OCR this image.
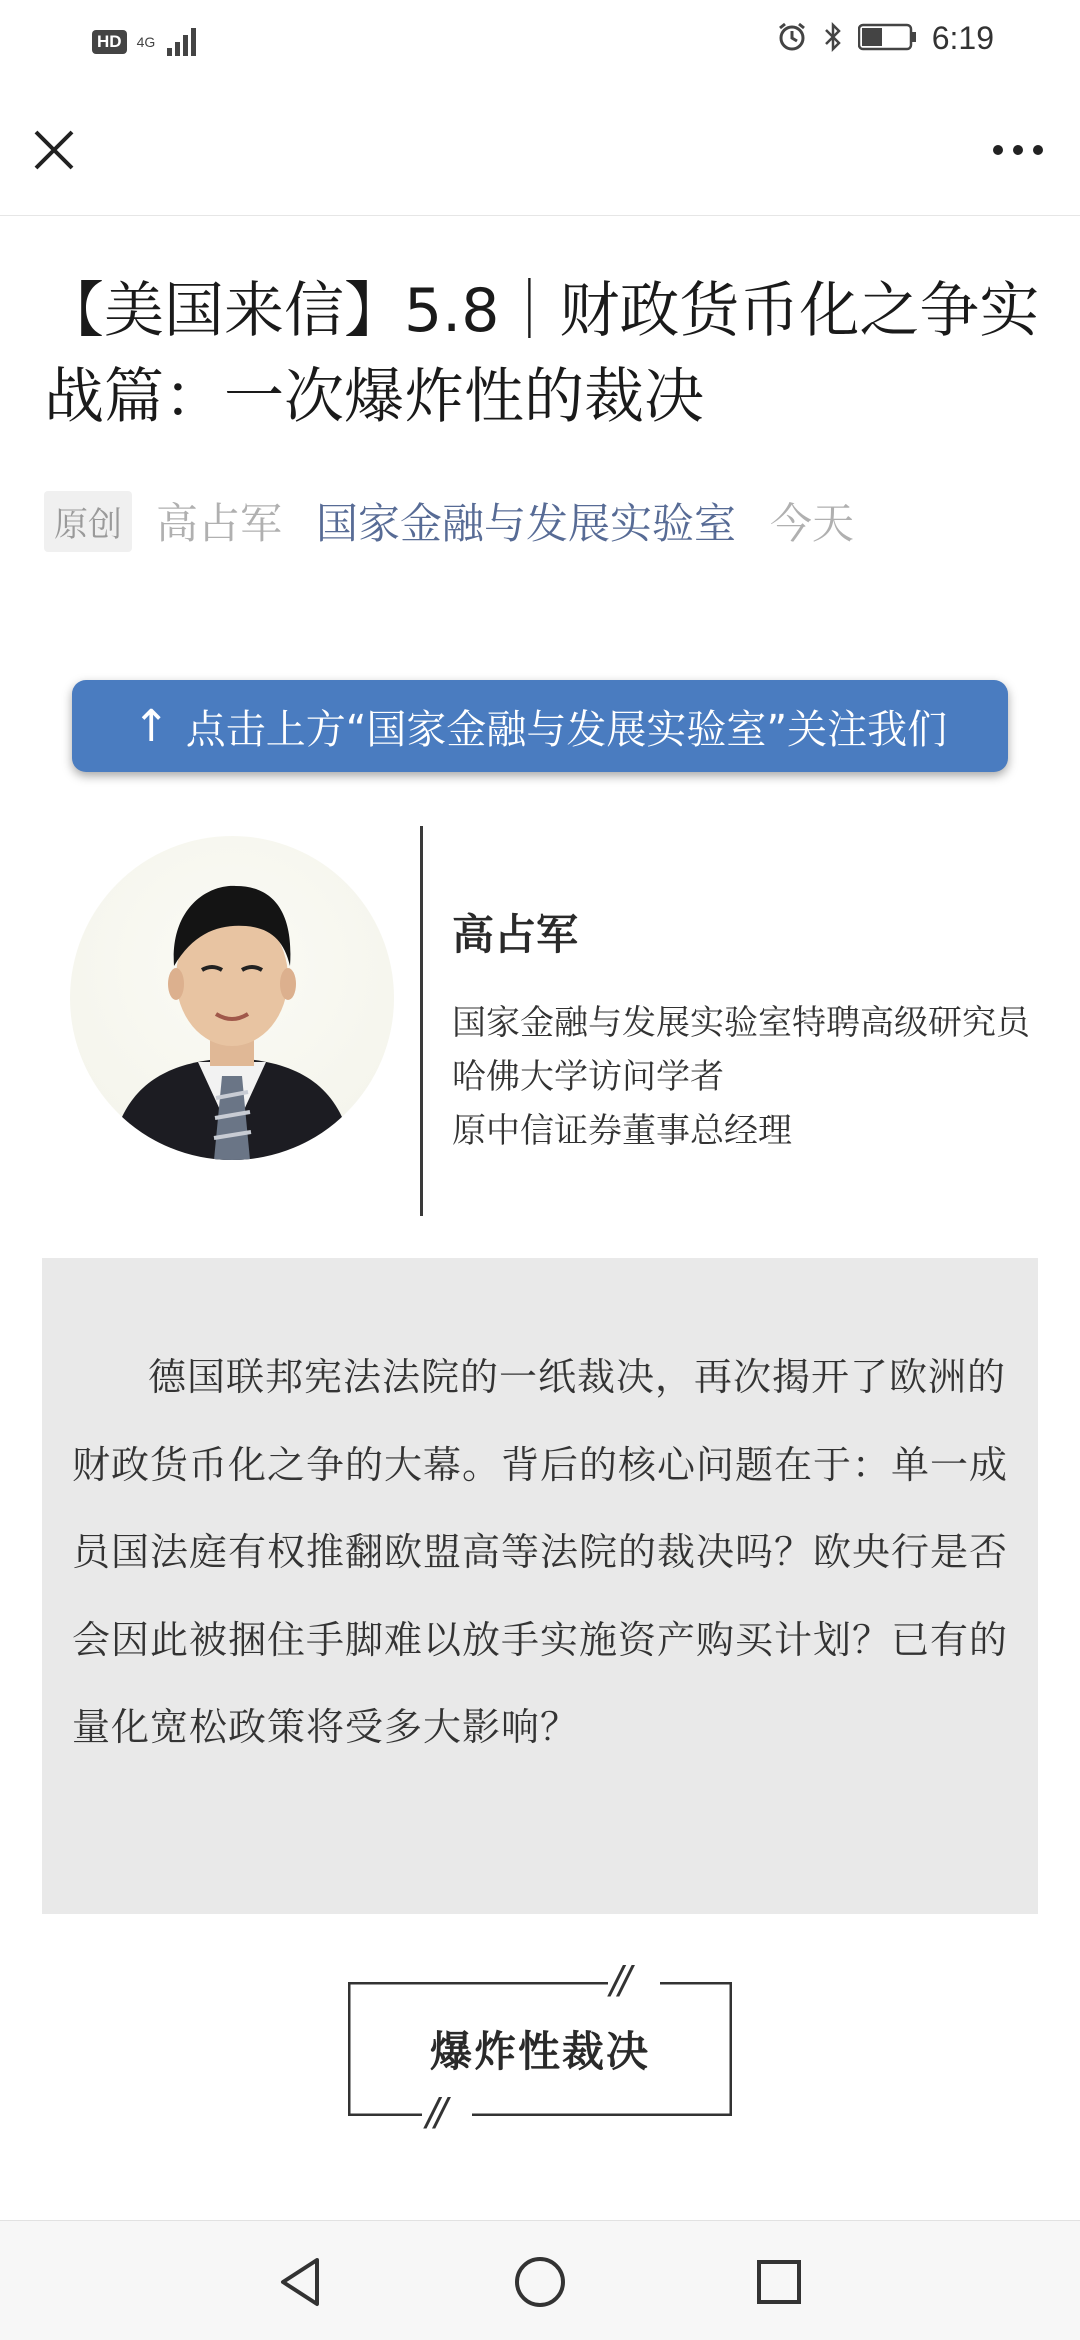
HD	4G	6:19
【美国来信】5.8｜财政货币化之争实战篇：一次爆炸性的裁决
原创 高占军 国家金融与发展实验室 今天
↑ 点击上方“国家金融与发展实验室”关注我们
高占军
国家金融与发展实验室特聘高级研究员
哈佛大学访问学者
原中信证券董事总经理

德国联邦宪法法院的一纸裁决，再次揭开了欧洲的财政货币化之争的大幕。背后的核心问题在于：单一成员国法庭有权推翻欧盟高等法院的裁决吗？欧央行是否会因此被捆住手脚难以放手实施资产购买计划？已有的量化宽松政策将受多大影响？

//
//
爆炸性裁决
